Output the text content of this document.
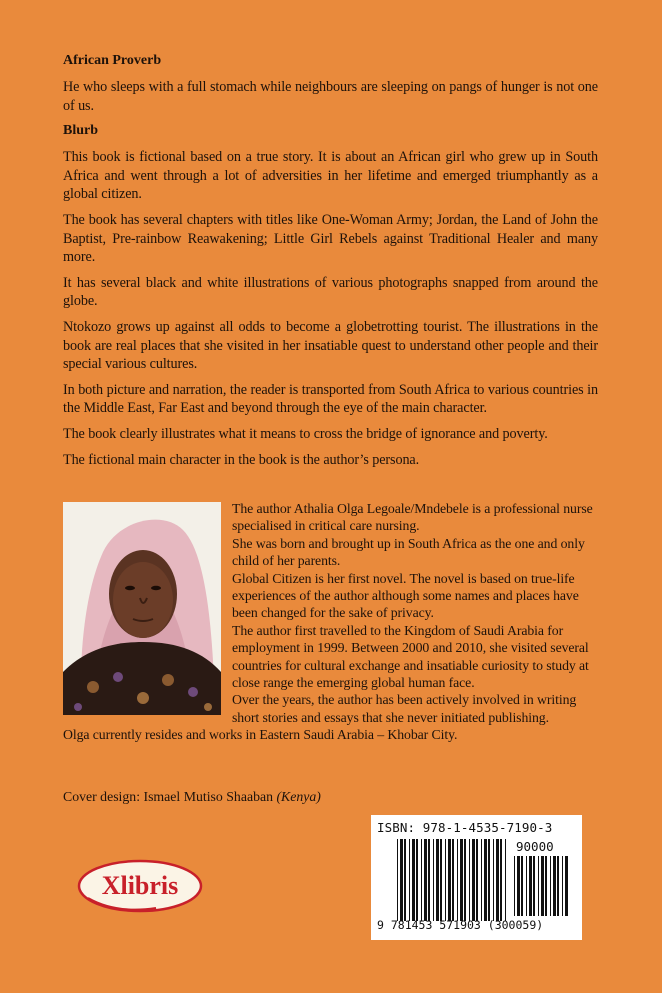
African Proverb

He who sleeps with a full stomach while neighbours are sleeping on pangs of hunger is not one of us.

Blurb

This book is fictional based on a true story. It is about an African girl who grew up in South Africa and went through a lot of adversities in her lifetime and emerged triumphantly as a global citizen.

The book has several chapters with titles like One-Woman Army; Jordan, the Land of John the Baptist, Pre-rainbow Reawakening; Little Girl Rebels against Traditional Healer and many more.

It has several black and white illustrations of various photographs snapped from around the globe.

Ntokozo grows up against all odds to become a globetrotting tourist. The illustrations in the book are real places that she visited in her insatiable quest to understand other people and their special various cultures.

In both picture and narration, the reader is transported from South Africa to various countries in the Middle East, Far East and beyond through the eye of the main character.

The book clearly illustrates what it means to cross the bridge of ignorance and poverty.

The fictional main character in the book is the author’s persona.

The author Athalia Olga Legoale/Mndebele is a professional nurse specialised in critical care nursing.

She was born and brought up in South Africa as the one and only child of her parents.

Global Citizen is her first novel. The novel is based on true-life experiences of the author although some names and places have been changed for the sake of privacy.

The author first travelled to the Kingdom of Saudi Arabia for employment in 1999. Between 2000 and 2010, she visited several countries for cultural exchange and insatiable curiosity to study at close range the emerging global human face.

Over the years, the author has been actively involved in writing short stories and essays that she never initiated publishing.

Olga currently resides and works in Eastern Saudi Arabia – Khobar City.

Cover design: Ismael Mutiso Shaaban (Kenya)
Xlibris
ISBN: 978-1-4535-7190-3
90000
9 781453 571903 (300059)
